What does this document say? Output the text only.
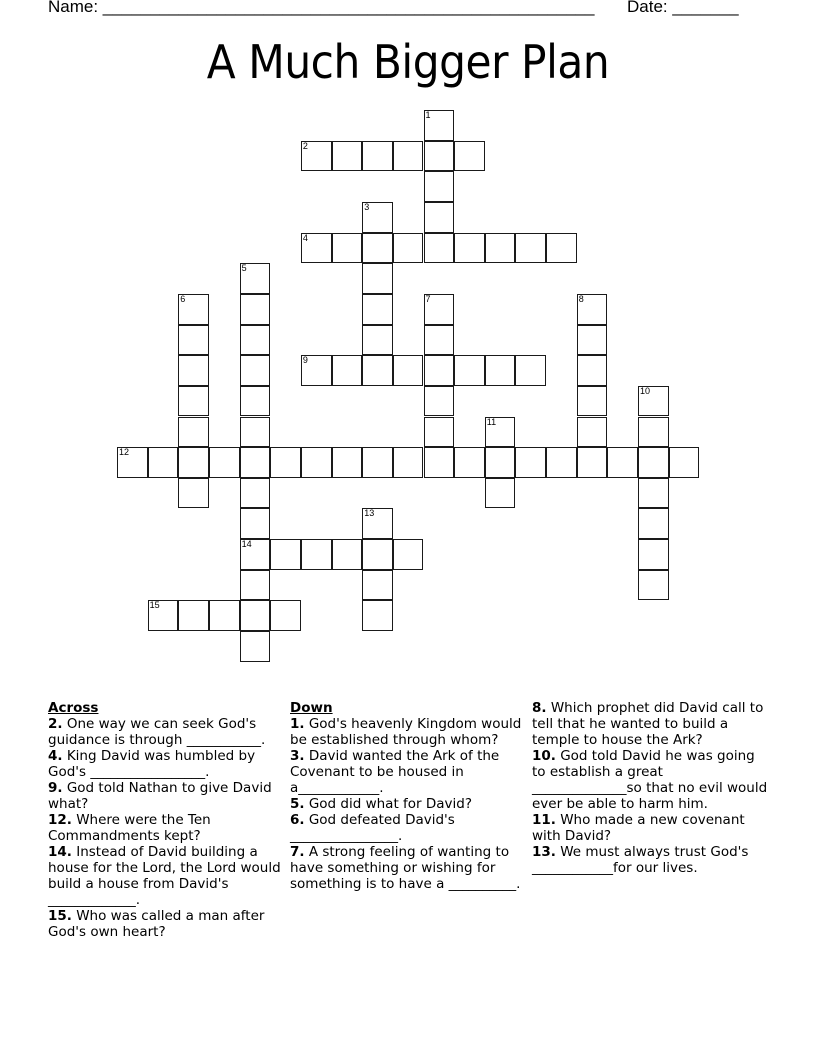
Name: ____________________________________________________ Date: _______
A Much Bigger Plan
1
2
3
4
5
14
6	7	8
9
10
11
12
13
15
Across
2. One way we can seek God's guidance is through ___________.
4. King David was humbled by God's _________________.
9. God told Nathan to give David what?
12. Where were the Ten Commandments kept?
14. Instead of David building a house for the Lord, the Lord would build a house from David's _____________.
15. Who was called a man after God's own heart?
Down
1. God's heavenly Kingdom would be established through whom?
3. David wanted the Ark of the Covenant to be housed in a____________.
5. God did what for David?
6. God defeated David's ________________.
7. A strong feeling of wanting to have something or wishing for something is to have a __________.
8. Which prophet did David call to tell that he wanted to build a temple to house the Ark?
10. God told David he was going to establish a great ______________so that no evil would ever be able to harm him.
11. Who made a new covenant with David?
13. We must always trust God's ____________for our lives.
